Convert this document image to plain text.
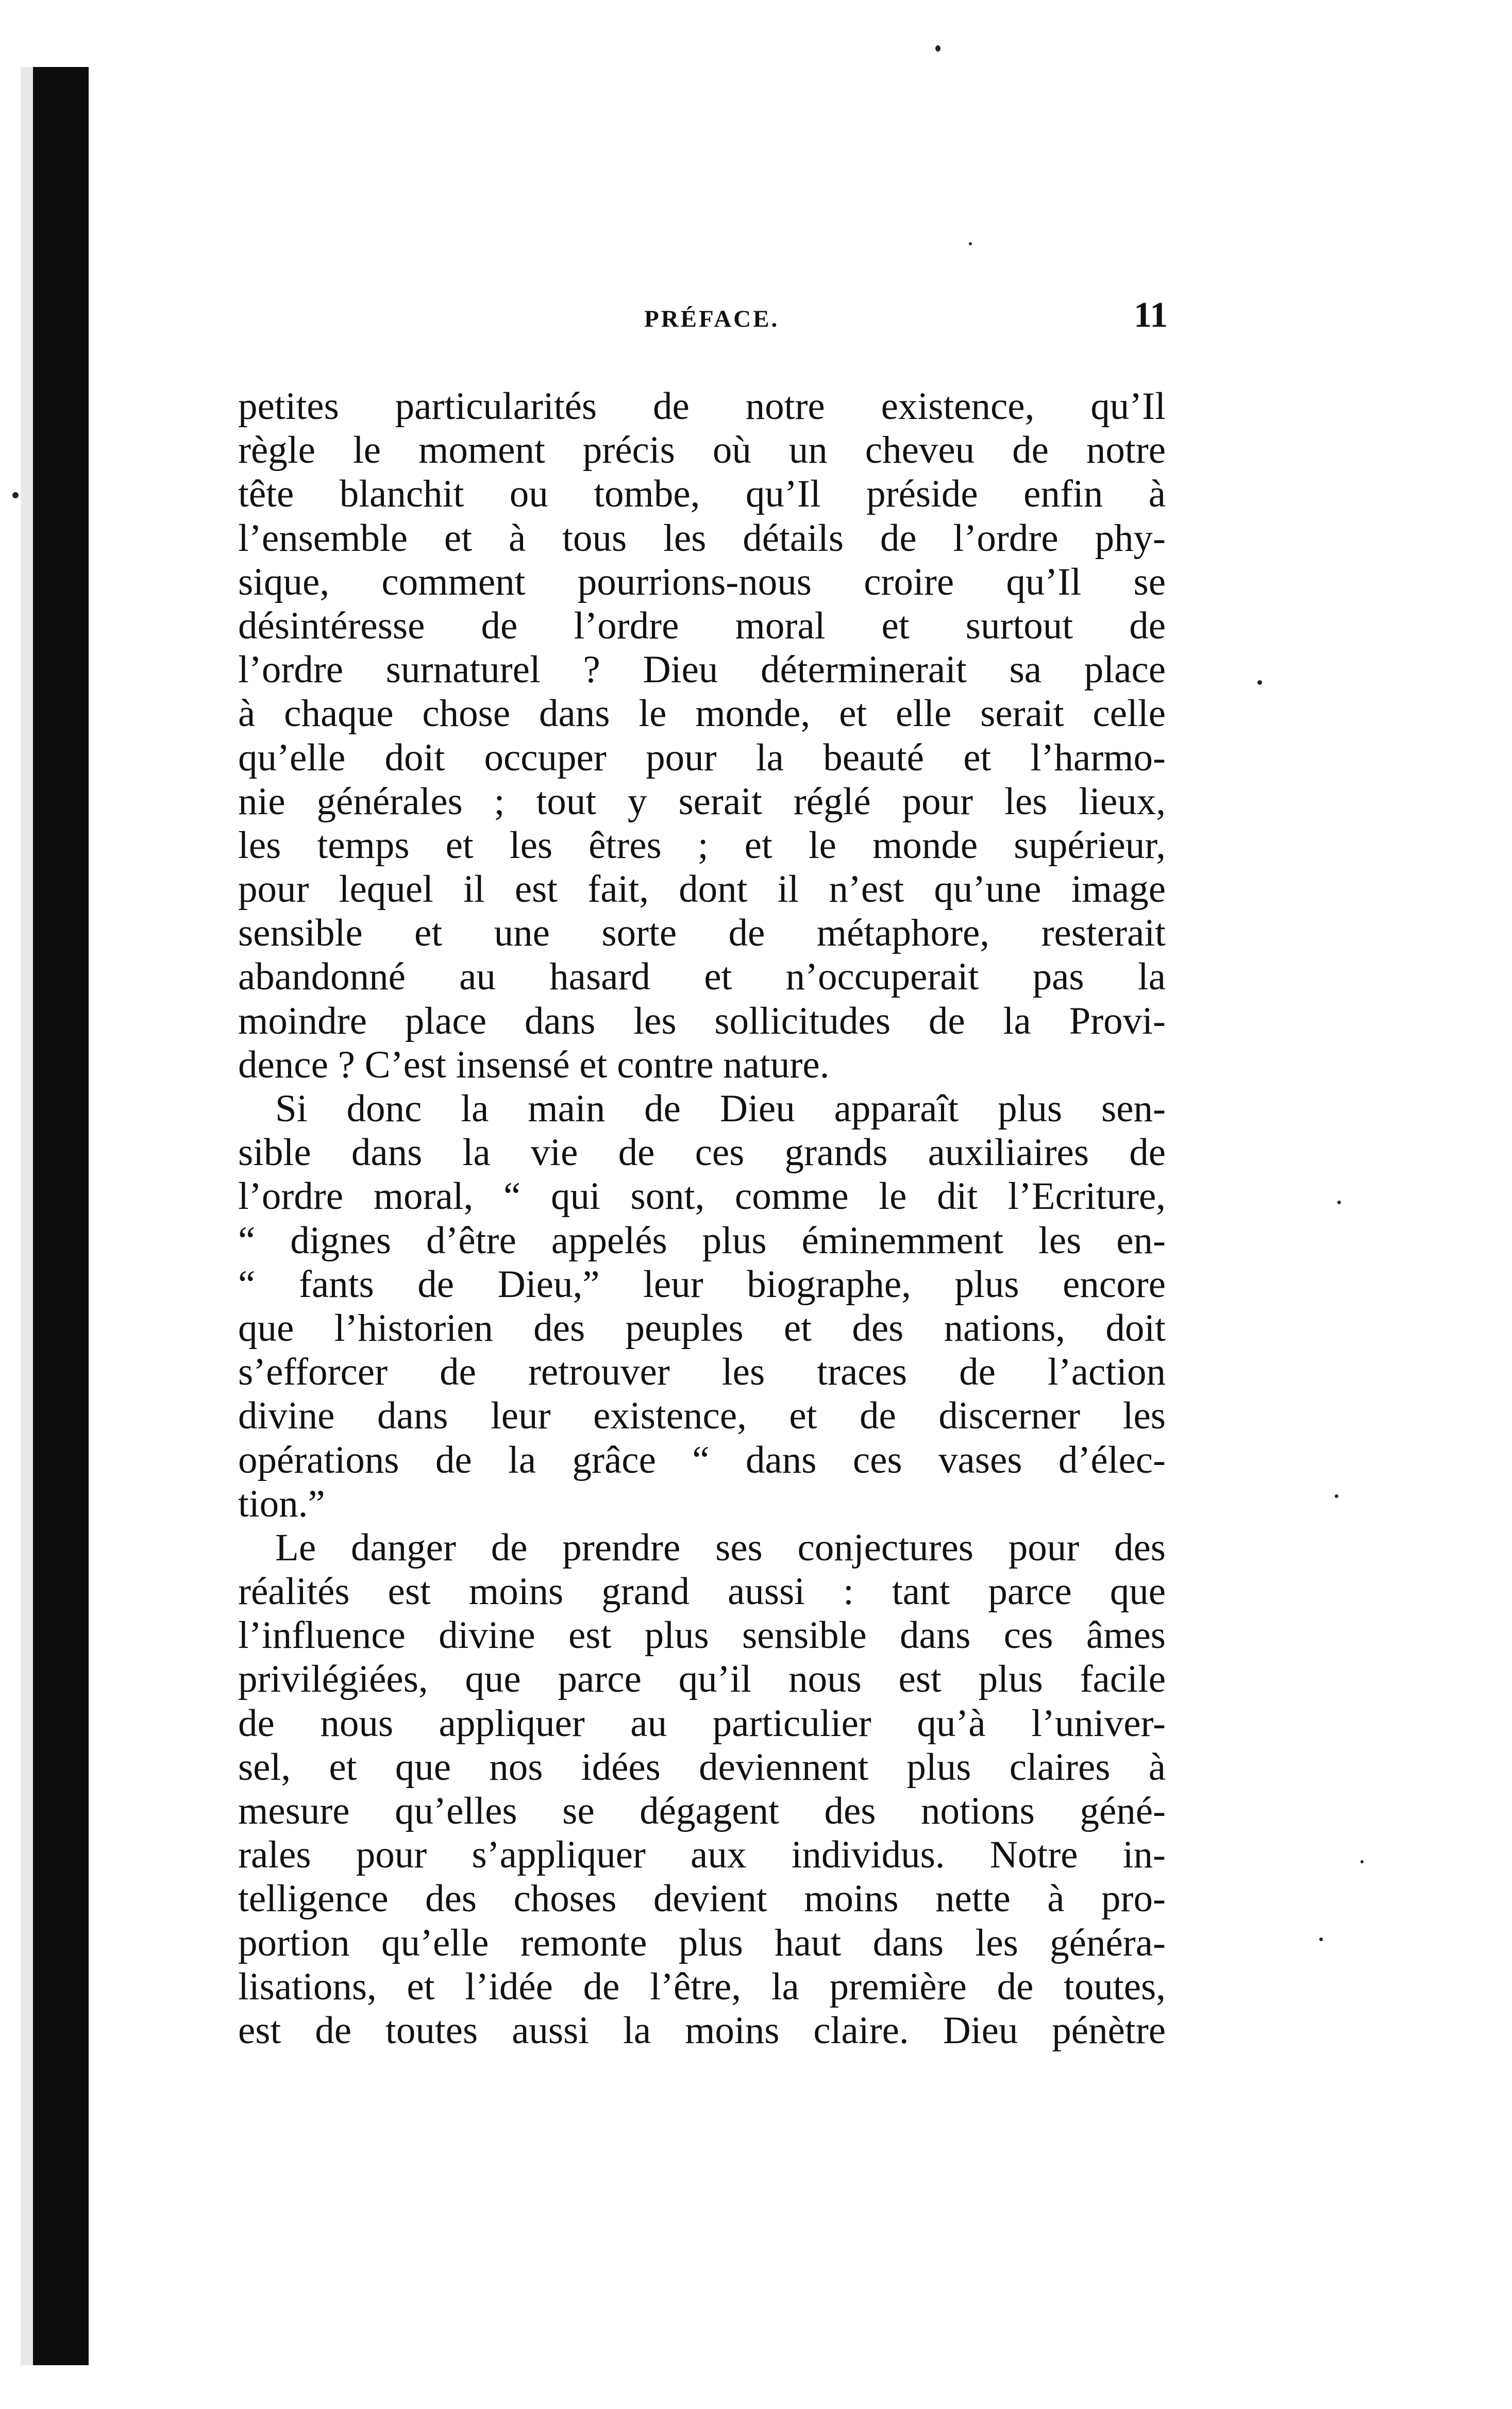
PRÉFACE.	11
petites particularités de notre existence, qu’Il
règle le moment précis où un cheveu de notre
tête blanchit ou tombe, qu’Il préside enfin à
l’ensemble et à tous les détails de l’ordre phy-
sique, comment pourrions-nous croire qu’Il se
désintéresse de l’ordre moral et surtout de
l’ordre surnaturel ? Dieu déterminerait sa place
à chaque chose dans le monde, et elle serait celle
qu’elle doit occuper pour la beauté et l’harmo-
nie générales ; tout y serait réglé pour les lieux,
les temps et les êtres ; et le monde supérieur,
pour lequel il est fait, dont il n’est qu’une image
sensible et une sorte de métaphore, resterait
abandonné au hasard et n’occuperait pas la
moindre place dans les sollicitudes de la Provi-
dence ? C’est insensé et contre nature.
Si donc la main de Dieu apparaît plus sen-
sible dans la vie de ces grands auxiliaires de
l’ordre moral, “ qui sont, comme le dit l’Ecriture,
“ dignes d’être appelés plus éminemment les en-
“ fants de Dieu,” leur biographe, plus encore
que l’historien des peuples et des nations, doit
s’efforcer de retrouver les traces de l’action
divine dans leur existence, et de discerner les
opérations de la grâce “ dans ces vases d’élec-
tion.”
Le danger de prendre ses conjectures pour des
réalités est moins grand aussi : tant parce que
l’influence divine est plus sensible dans ces âmes
privilégiées, que parce qu’il nous est plus facile
de nous appliquer au particulier qu’à l’univer-
sel, et que nos idées deviennent plus claires à
mesure qu’elles se dégagent des notions géné-
rales pour s’appliquer aux individus. Notre in-
telligence des choses devient moins nette à pro-
portion qu’elle remonte plus haut dans les généra-
lisations, et l’idée de l’être, la première de toutes,
est de toutes aussi la moins claire. Dieu pénètre
